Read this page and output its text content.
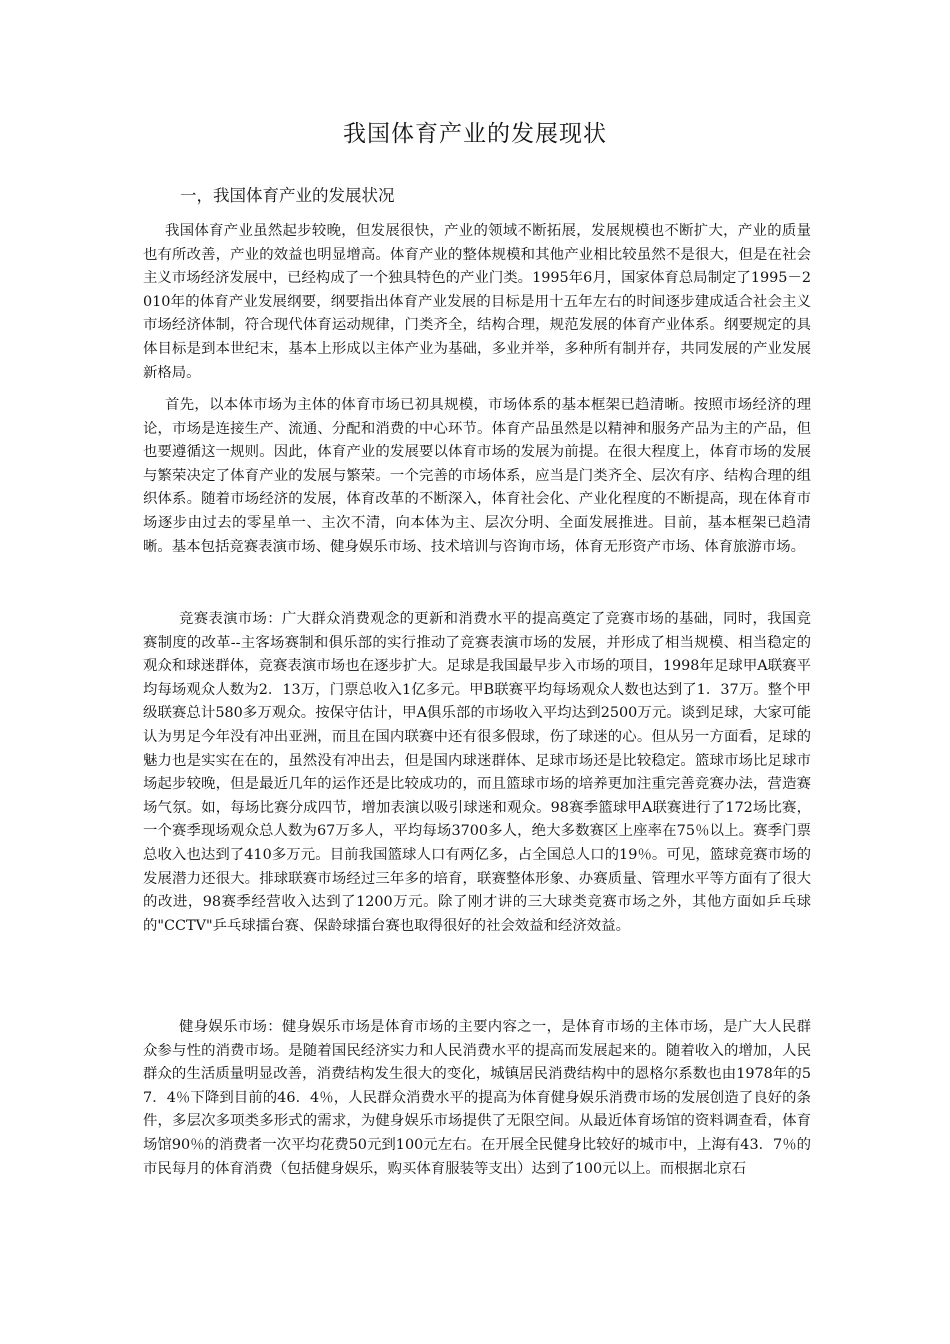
我国体育产业的发展现状
一，我国体育产业的发展状况

我国体育产业虽然起步较晚，但发展很快，产业的领域不断拓展，发展规模也不断扩大，产业的质量也有所改善，产业的效益也明显增高。体育产业的整体规模和其他产业相比较虽然不是很大，但是在社会主义市场经济发展中，已经构成了一个独具特色的产业门类。1995年6月，国家体育总局制定了1995－2010年的体育产业发展纲要，纲要指出体育产业发展的目标是用十五年左右的时间逐步建成适合社会主义市场经济体制，符合现代体育运动规律，门类齐全，结构合理，规范发展的体育产业体系。纲要规定的具体目标是到本世纪末，基本上形成以主体产业为基础，多业并举，多种所有制并存，共同发展的产业发展新格局。

首先，以本体市场为主体的体育市场已初具规模，市场体系的基本框架已趋清晰。按照市场经济的理论，市场是连接生产、流通、分配和消费的中心环节。体育产品虽然是以精神和服务产品为主的产品，但也要遵循这一规则。因此，体育产业的发展要以体育市场的发展为前提。在很大程度上，体育市场的发展与繁荣决定了体育产业的发展与繁荣。一个完善的市场体系，应当是门类齐全、层次有序、结构合理的组织体系。随着市场经济的发展，体育改革的不断深入，体育社会化、产业化程度的不断提高，现在体育市场逐步由过去的零星单一、主次不清，向本体为主、层次分明、全面发展推进。目前，基本框架已趋清晰。基本包括竞赛表演市场、健身娱乐市场、技术培训与咨询市场，体育无形资产市场、体育旅游市场。

竞赛表演市场：广大群众消费观念的更新和消费水平的提高奠定了竞赛市场的基础，同时，我国竞赛制度的改革--主客场赛制和俱乐部的实行推动了竞赛表演市场的发展，并形成了相当规模、相当稳定的观众和球迷群体，竞赛表演市场也在逐步扩大。足球是我国最早步入市场的项目，1998年足球甲A联赛平均每场观众人数为2．13万，门票总收入1亿多元。甲B联赛平均每场观众人数也达到了1．37万。整个甲级联赛总计580多万观众。按保守估计，甲A俱乐部的市场收入平均达到2500万元。谈到足球，大家可能认为男足今年没有冲出亚洲，而且在国内联赛中还有很多假球，伤了球迷的心。但从另一方面看，足球的魅力也是实实在在的，虽然没有冲出去，但是国内球迷群体、足球市场还是比较稳定。篮球市场比足球市场起步较晚，但是最近几年的运作还是比较成功的，而且篮球市场的培养更加注重完善竞赛办法，营造赛场气氛。如，每场比赛分成四节，增加表演以吸引球迷和观众。98赛季篮球甲A联赛进行了172场比赛，一个赛季现场观众总人数为67万多人，平均每场3700多人，绝大多数赛区上座率在75％以上。赛季门票总收入也达到了410多万元。目前我国篮球人口有两亿多，占全国总人口的19％。可见，篮球竞赛市场的发展潜力还很大。排球联赛市场经过三年多的培育，联赛整体形象、办赛质量、管理水平等方面有了很大的改进，98赛季经营收入达到了1200万元。除了刚才讲的三大球类竞赛市场之外，其他方面如乒乓球的"CCTV"乒乓球擂台赛、保龄球擂台赛也取得很好的社会效益和经济效益。

健身娱乐市场：健身娱乐市场是体育市场的主要内容之一，是体育市场的主体市场，是广大人民群众参与性的消费市场。是随着国民经济实力和人民消费水平的提高而发展起来的。随着收入的增加，人民群众的生活质量明显改善，消费结构发生很大的变化，城镇居民消费结构中的恩格尔系数也由1978年的57．4％下降到目前的46．4％，人民群众消费水平的提高为体育健身娱乐消费市场的发展创造了良好的条件，多层次多项类多形式的需求，为健身娱乐市场提供了无限空间。从最近体育场馆的资料调查看，体育场馆90％的消费者一次平均花费50元到100元左右。在开展全民健身比较好的城市中，上海有43．7％的市民每月的体育消费（包括健身娱乐，购买体育服装等支出）达到了100元以上。而根据北京石
